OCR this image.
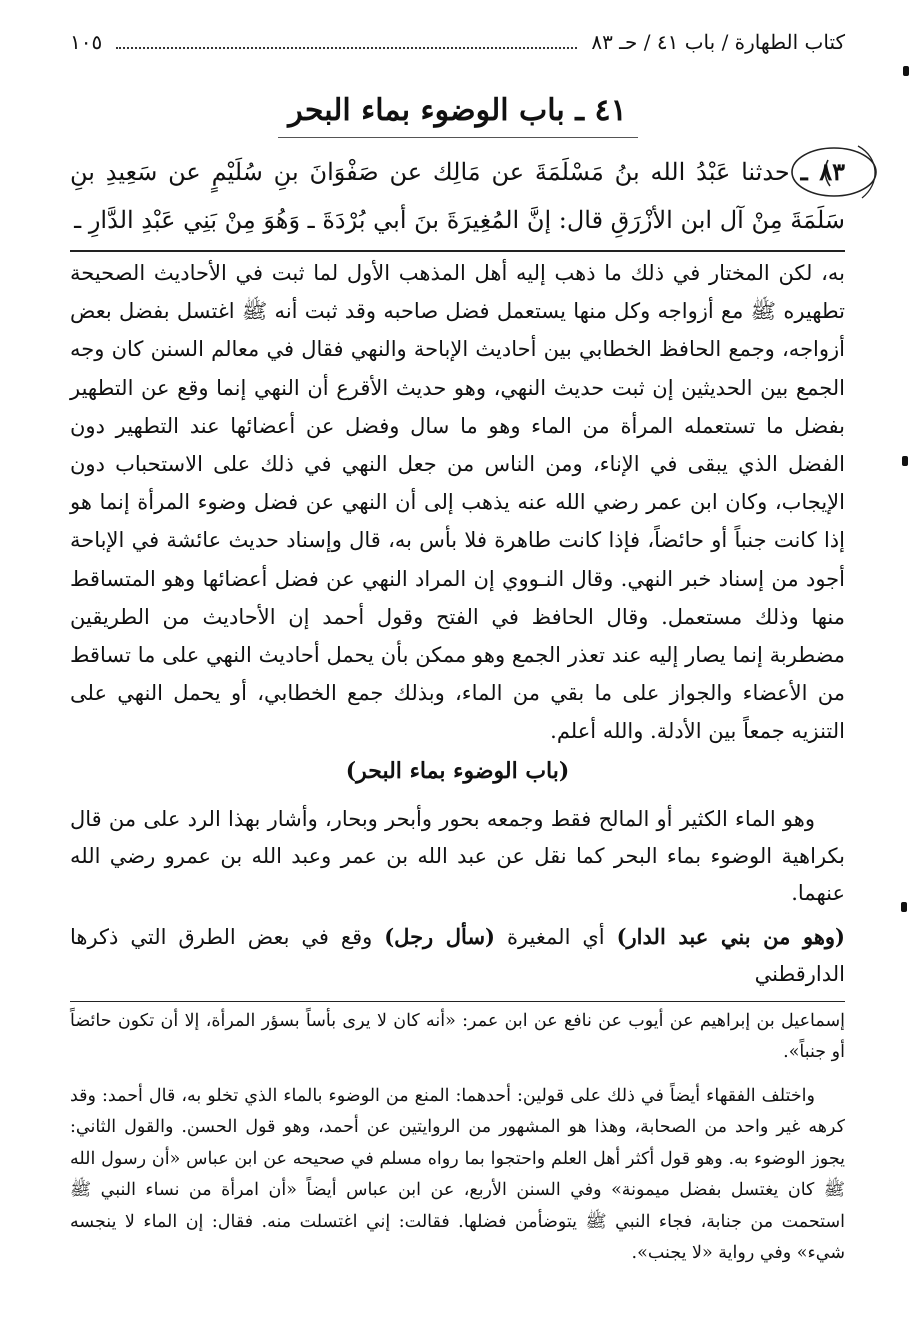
كتاب الطهارة / باب ٤١ / حـ ٨٣
١٠٥
٤١ ـ باب الوضوء بماء البحر
٨٣ ـ حدثنا عَبْدُ الله بنُ مَسْلَمَةَ عن مَالِك عن صَفْوَانَ بنِ سُلَيْمٍ عن سَعِيدِ بنِ سَلَمَةَ مِنْ آل ابن الأزْرَقِ قال: إنَّ المُغِيرَةَ بنَ أبي بُرْدَةَ ـ وَهُوَ مِنْ بَنِي عَبْدِ الدَّارِ ـ
به، لكن المختار في ذلك ما ذهب إليه أهل المذهب الأول لما ثبت في الأحاديث الصحيحة تطهيره ﷺ مع أزواجه وكل منها يستعمل فضل صاحبه وقد ثبت أنه ﷺ اغتسل بفضل بعض أزواجه، وجمع الحافظ الخطابي بين أحاديث الإباحة والنهي فقال في معالم السنن كان وجه الجمع بين الحديثين إن ثبت حديث النهي، وهو حديث الأقرع أن النهي إنما وقع عن التطهير بفضل ما تستعمله المرأة من الماء وهو ما سال وفضل عن أعضائها عند التطهير دون الفضل الذي يبقى في الإناء، ومن الناس من جعل النهي في ذلك على الاستحباب دون الإيجاب، وكان ابن عمر رضي الله عنه يذهب إلى أن النهي عن فضل وضوء المرأة إنما هو إذا كانت جنباً أو حائضاً، فإذا كانت طاهرة فلا بأس به، قال وإسناد حديث عائشة في الإباحة أجود من إسناد خبر النهي. وقال النـووي إن المراد النهي عن فضل أعضائها وهو المتساقط منها وذلك مستعمل. وقال الحافظ في الفتح وقول أحمد إن الأحاديث من الطريقين مضطربة إنما يصار إليه عند تعذر الجمع وهو ممكن بأن يحمل أحاديث النهي على ما تساقط من الأعضاء والجواز على ما بقي من الماء، وبذلك جمع الخطابي، أو يحمل النهي على التنزيه جمعاً بين الأدلة. والله أعلم.
(باب الوضوء بماء البحر)
وهو الماء الكثير أو المالح فقط وجمعه بحور وأبحر وبحار، وأشار بهذا الرد على من قال بكراهية الوضوء بماء البحر كما نقل عن عبد الله بن عمر وعبد الله بن عمرو رضي الله عنهما.
(وهو من بني عبد الدار) أي المغيرة (سأل رجل) وقع في بعض الطرق التي ذكرها الدارقطني
إسماعيل بن إبراهيم عن أيوب عن نافع عن ابن عمر: «أنه كان لا يرى بأساً بسؤر المرأة، إلا أن تكون حائضاً أو جنباً».
واختلف الفقهاء أيضاً في ذلك على قولين: أحدهما: المنع من الوضوء بالماء الذي تخلو به، قال أحمد: وقد كرهه غير واحد من الصحابة، وهذا هو المشهور من الروايتين عن أحمد، وهو قول الحسن. والقول الثاني: يجوز الوضوء به. وهو قول أكثر أهل العلم واحتجوا بما رواه مسلم في صحيحه عن ابن عباس «أن رسول الله ﷺ كان يغتسل بفضل ميمونة» وفي السنن الأربع، عن ابن عباس أيضاً «أن امرأة من نساء النبي ﷺ استحمت من جنابة، فجاء النبي ﷺ يتوضأمن فضلها. فقالت: إني اغتسلت منه. فقال: إن الماء لا ينجسه شيء» وفي رواية «لا يجنب».
